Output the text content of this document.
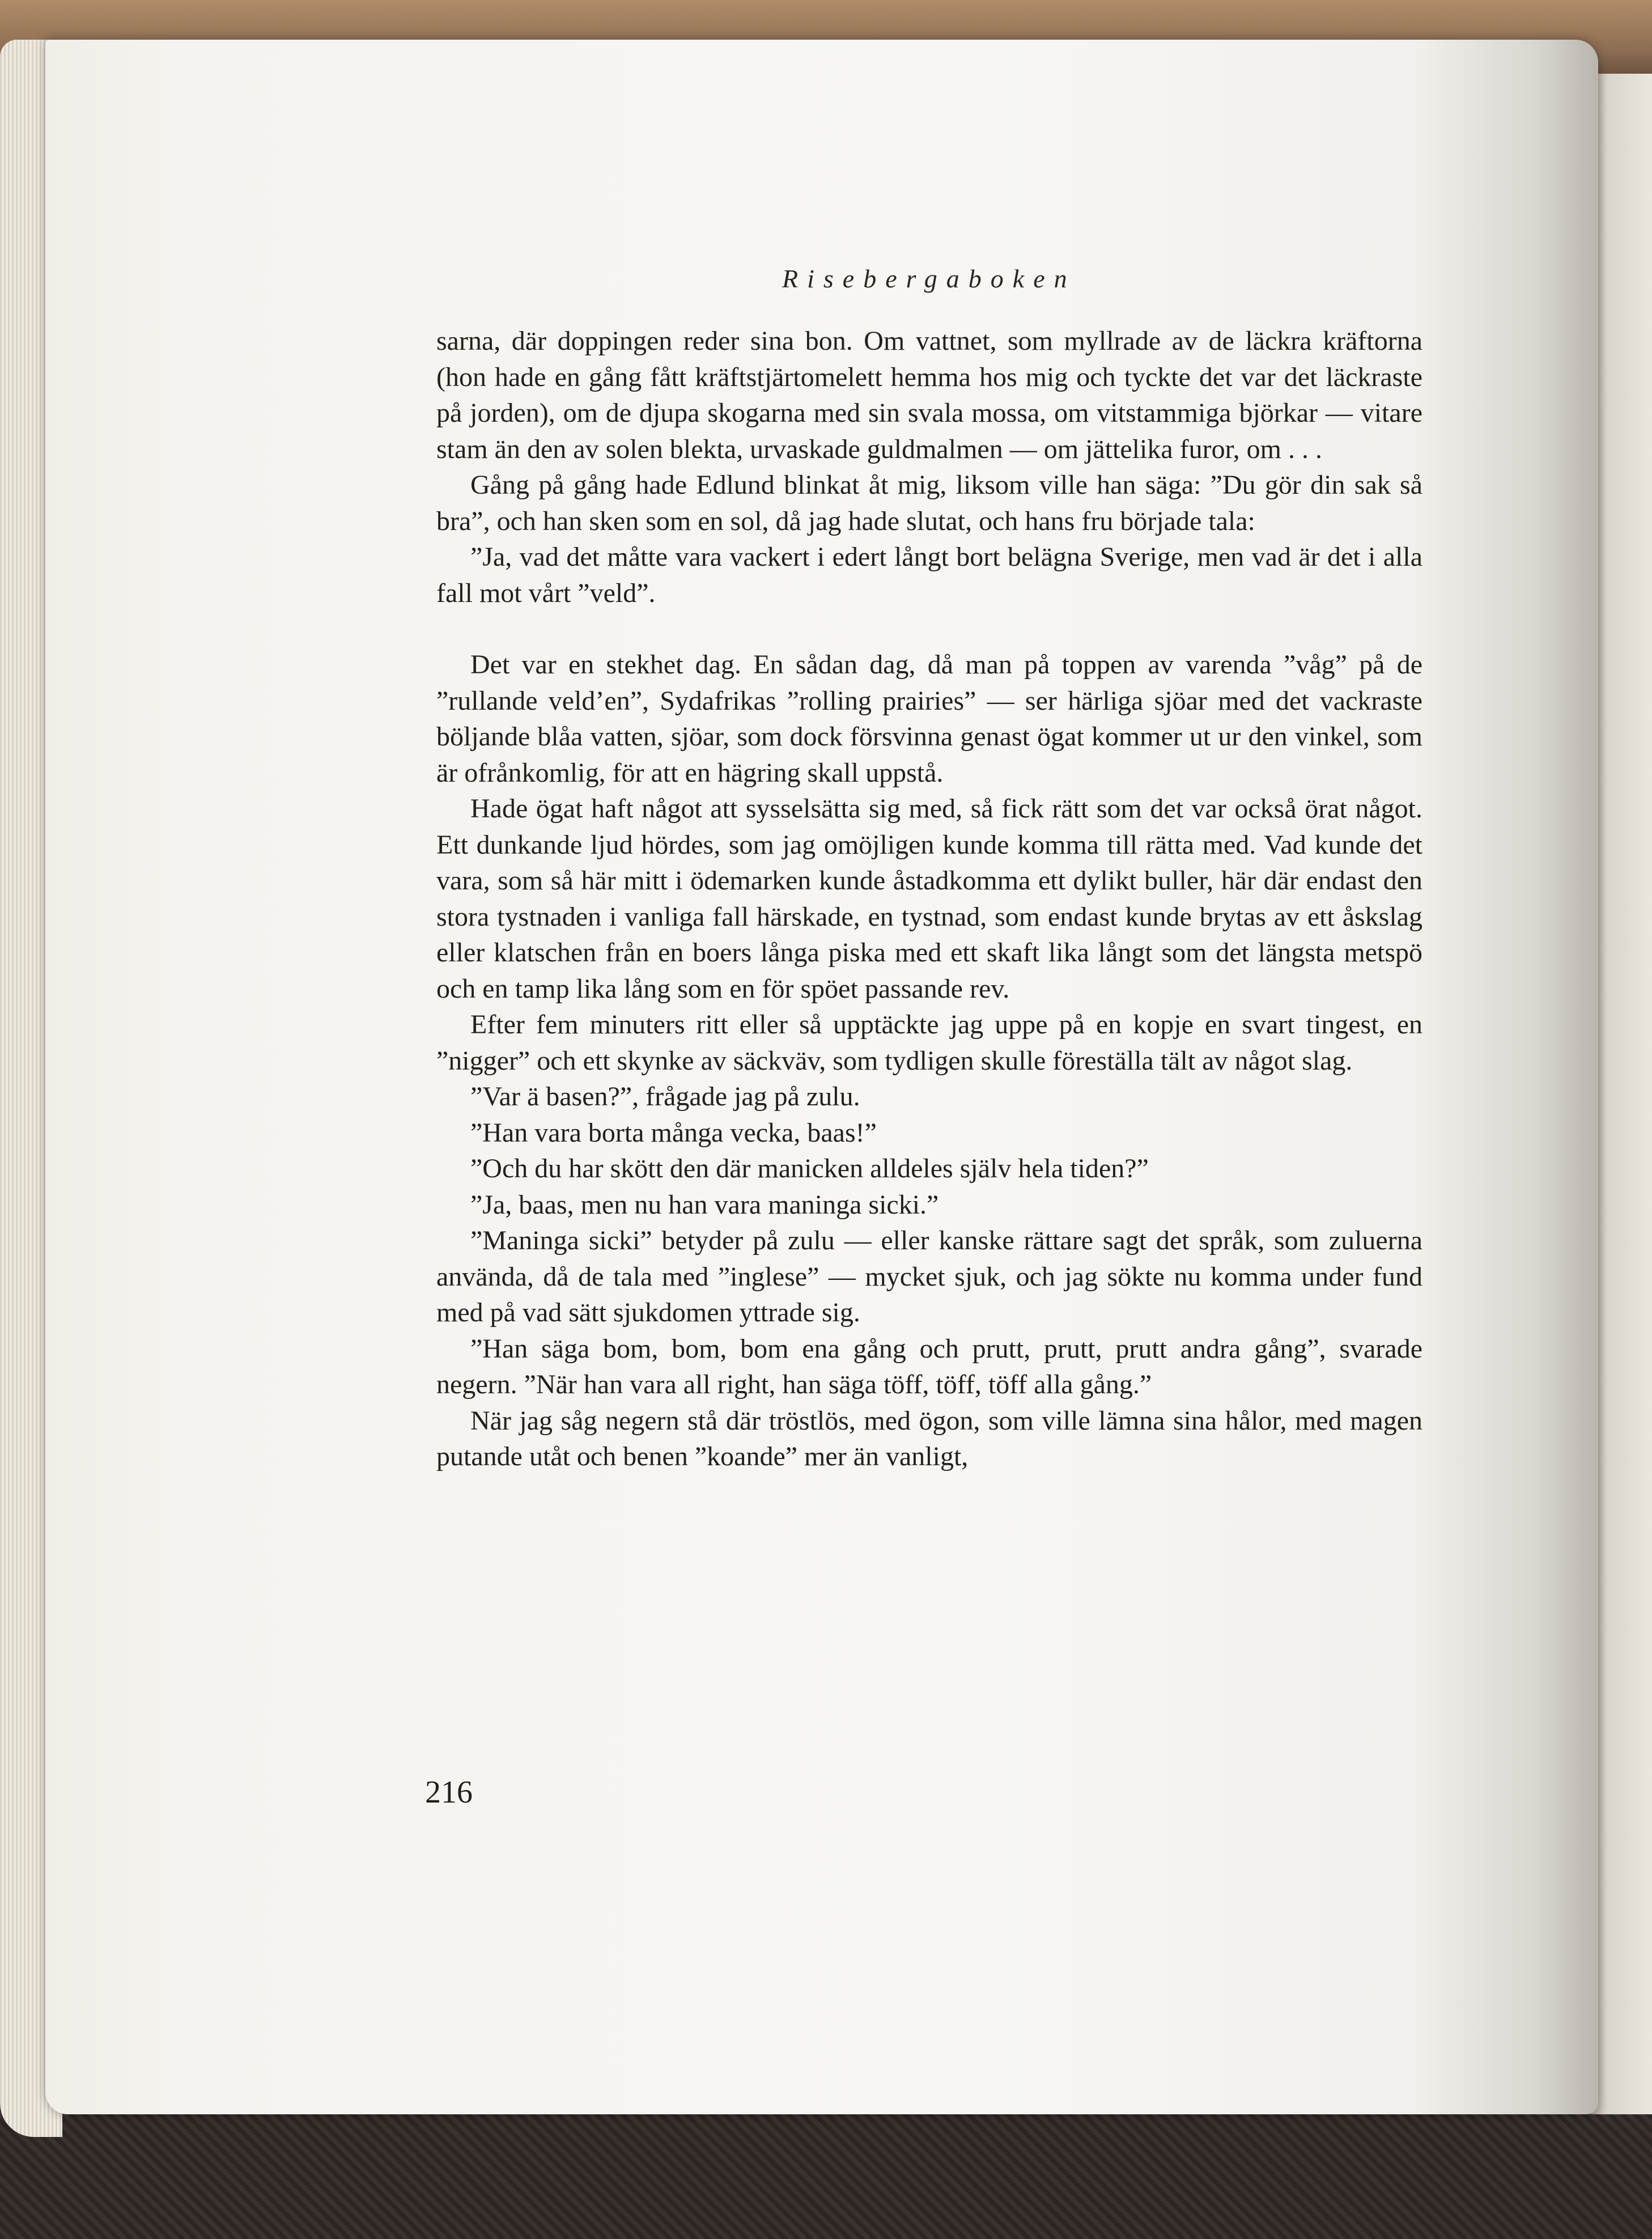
Risebergaboken

sarna, där doppingen reder sina bon. Om vattnet, som myllrade av de läckra kräftorna (hon hade en gång fått kräftstjärtomelett hemma hos mig och tyckte det var det läckraste på jorden), om de djupa skogarna med sin svala mossa, om vitstammiga björkar — vitare stam än den av solen blekta, urvaskade guldmalmen — om jättelika furor, om . . .

Gång på gång hade Edlund blinkat åt mig, liksom ville han säga: ”Du gör din sak så bra”, och han sken som en sol, då jag hade slutat, och hans fru började tala:

”Ja, vad det måtte vara vackert i edert långt bort belägna Sverige, men vad är det i alla fall mot vårt ”veld”.

Det var en stekhet dag. En sådan dag, då man på toppen av varenda ”våg” på de ”rullande veld’en”, Sydafrikas ”rolling prairies” — ser härliga sjöar med det vackraste böljande blåa vatten, sjöar, som dock försvinna genast ögat kommer ut ur den vinkel, som är ofrånkomlig, för att en hägring skall uppstå.

Hade ögat haft något att sysselsätta sig med, så fick rätt som det var också örat något. Ett dunkande ljud hördes, som jag omöjligen kunde komma till rätta med. Vad kunde det vara, som så här mitt i ödemarken kunde åstadkomma ett dylikt buller, här där endast den stora tystnaden i vanliga fall härskade, en tystnad, som endast kunde brytas av ett åskslag eller klatschen från en boers långa piska med ett skaft lika långt som det längsta metspö och en tamp lika lång som en för spöet passande rev.

Efter fem minuters ritt eller så upptäckte jag uppe på en kopje en svart tingest, en ”nigger” och ett skynke av säckväv, som tydligen skulle föreställa tält av något slag.

”Var ä basen?”, frågade jag på zulu.

”Han vara borta många vecka, baas!”

”Och du har skött den där manicken alldeles själv hela tiden?”

”Ja, baas, men nu han vara maninga sicki.”

”Maninga sicki” betyder på zulu — eller kanske rättare sagt det språk, som zuluerna använda, då de tala med ”inglese” — mycket sjuk, och jag sökte nu komma under fund med på vad sätt sjukdomen yttrade sig.

”Han säga bom, bom, bom ena gång och prutt, prutt, prutt andra gång”, svarade negern. ”När han vara all right, han säga töff, töff, töff alla gång.”

När jag såg negern stå där tröstlös, med ögon, som ville lämna sina hålor, med magen putande utåt och benen ”koande” mer än vanligt,

216
